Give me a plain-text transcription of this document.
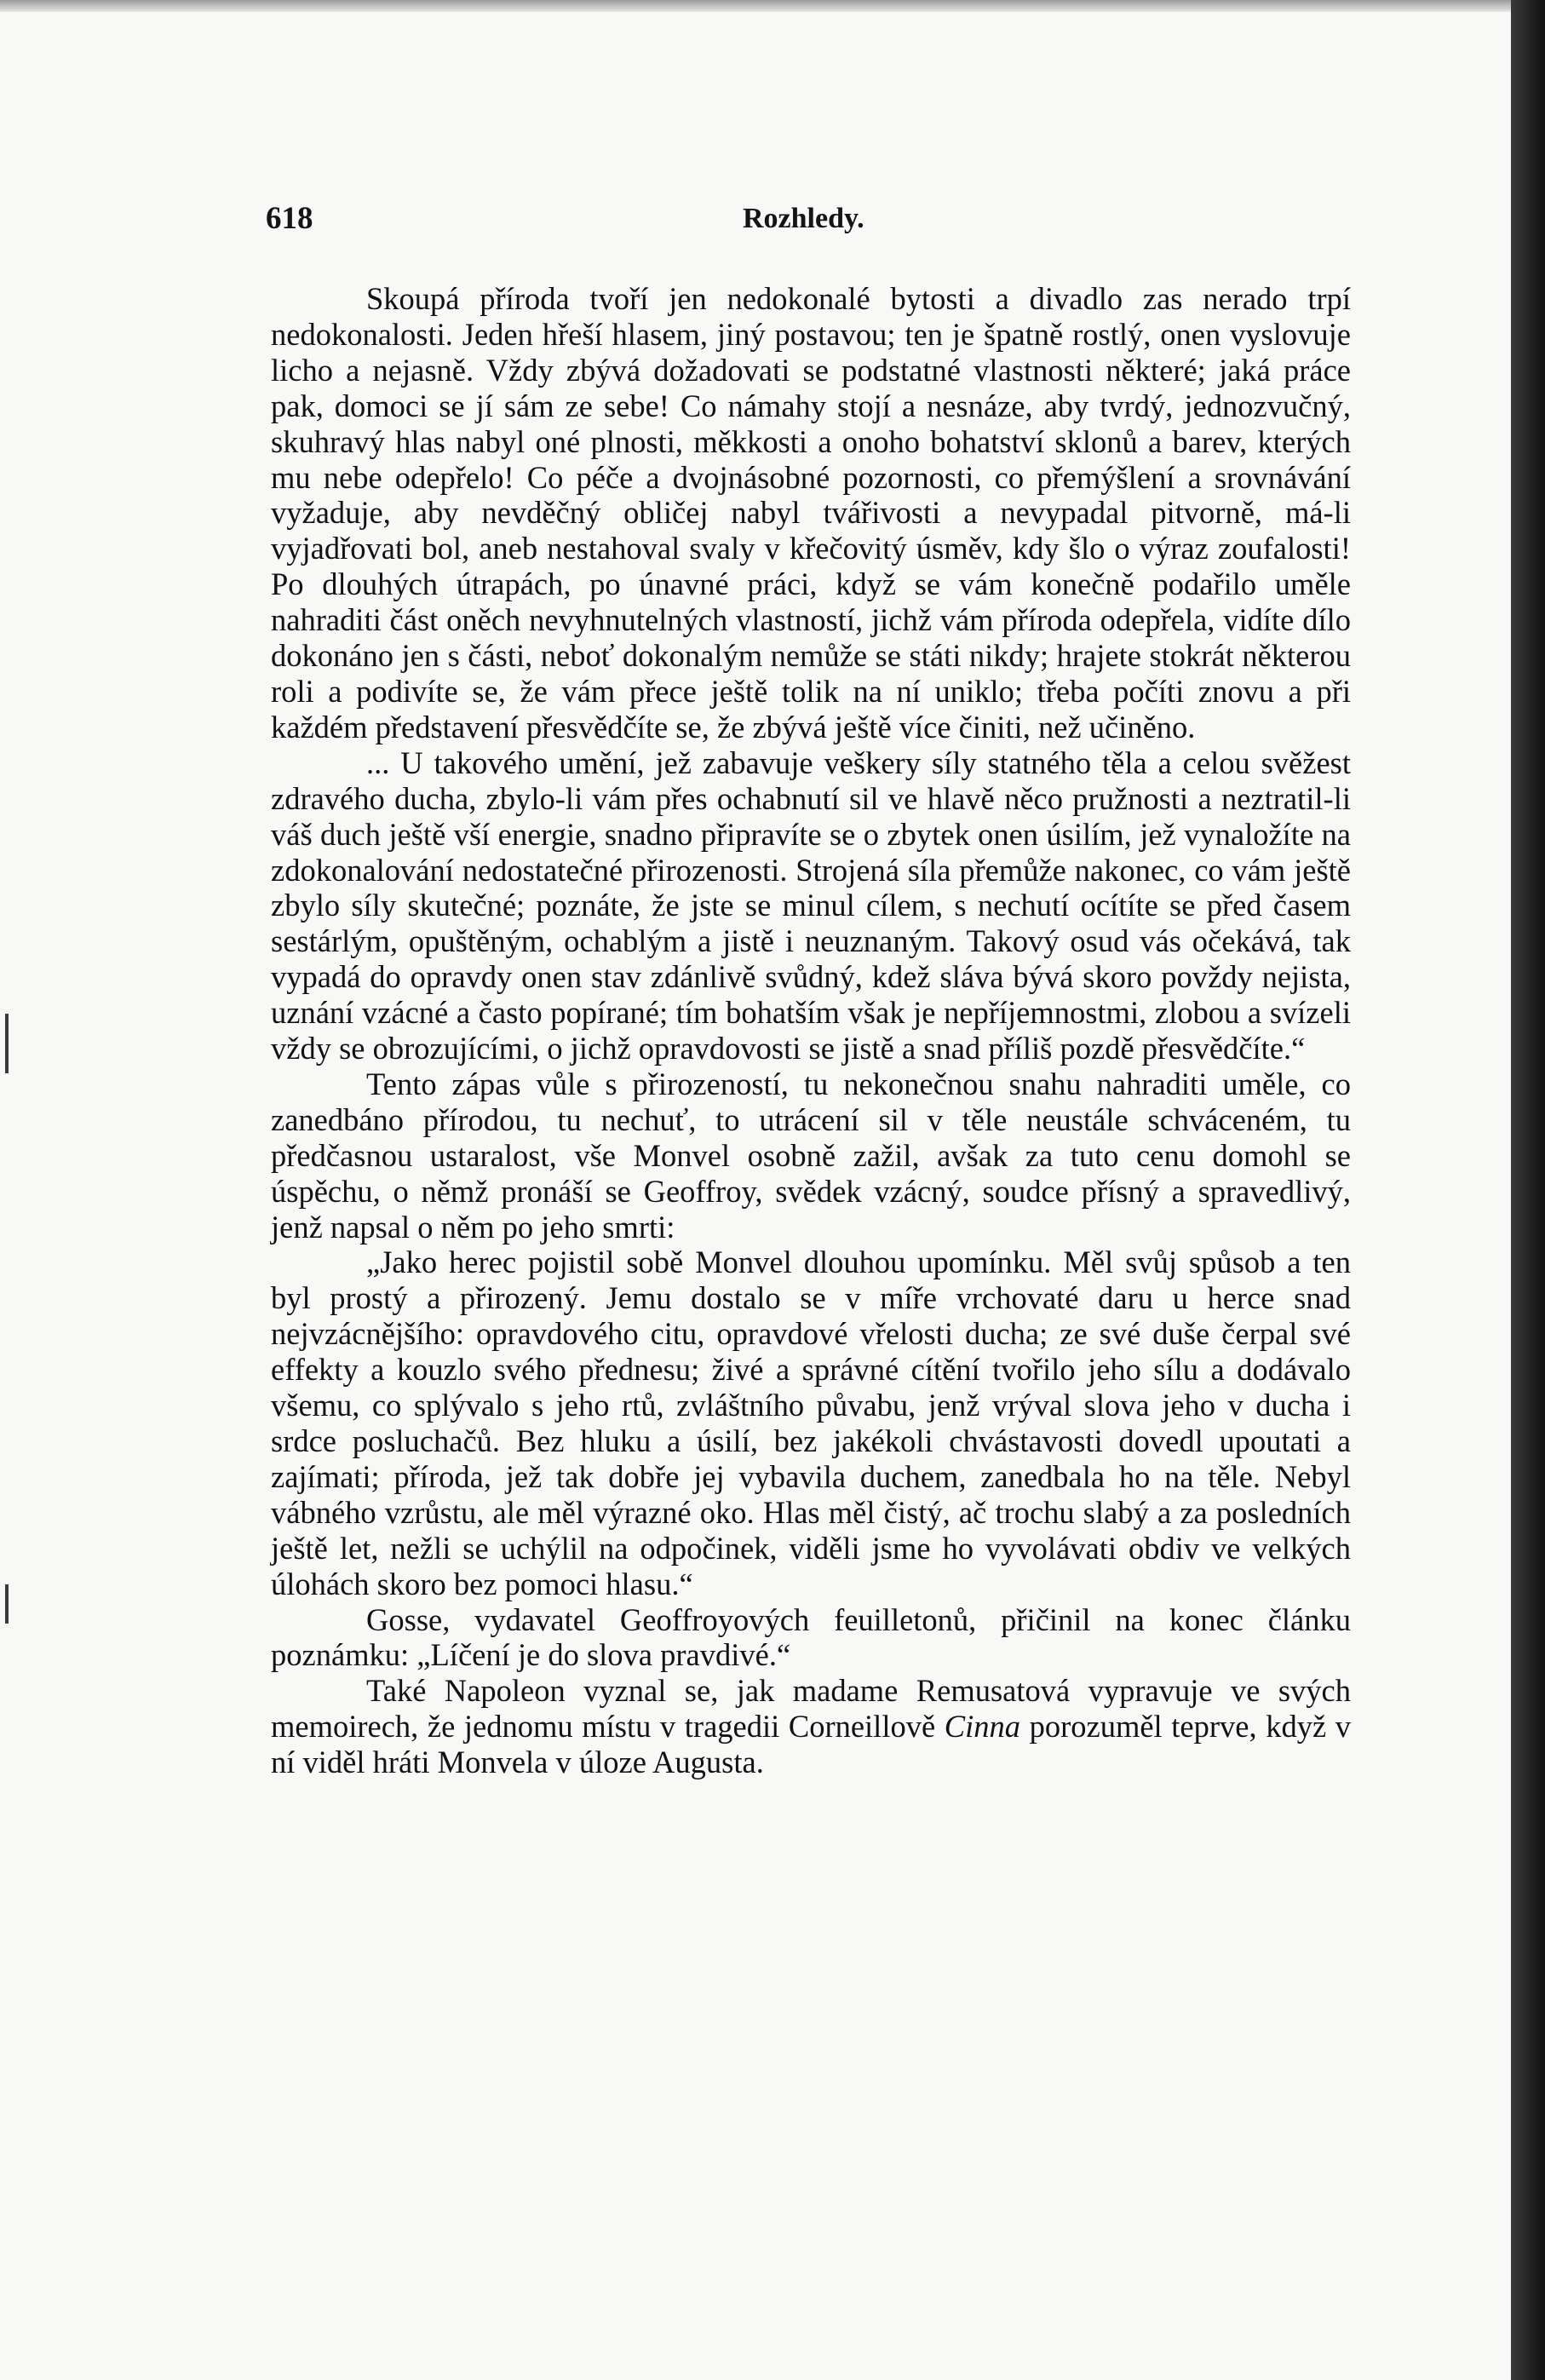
618	Rozhledy.

Skoupá příroda tvoří jen nedokonalé bytosti a divadlo zas nerado trpí nedokonalosti. Jeden hřeší hlasem, jiný postavou; ten je špatně rostlý, onen vyslovuje licho a nejasně. Vždy zbývá dožadovati se podstatné vlastnosti některé; jaká práce pak, domoci se jí sám ze sebe! Co námahy stojí a nesnáze, aby tvrdý, jednozvučný, skuhravý hlas nabyl oné plnosti, měkkosti a onoho bohatství sklonů a barev, kterých mu nebe odepřelo! Co péče a dvojnásobné pozornosti, co přemýšlení a srovnávání vyžaduje, aby nevděčný obličej nabyl tvářivosti a nevypadal pitvorně, má-li vyjadřovati bol, aneb nestahoval svaly v křečovitý úsměv, kdy šlo o výraz zoufalosti! Po dlouhých útrapách, po únavné práci, když se vám konečně podařilo uměle nahraditi část oněch nevyhnutelných vlastností, jichž vám příroda odepřela, vidíte dílo dokonáno jen s části, neboť dokonalým nemůže se státi nikdy; hrajete stokrát některou roli a podivíte se, že vám přece ještě tolik na ní uniklo; třeba počíti znovu a při každém představení přesvědčíte se, že zbývá ještě více činiti, než učiněno.

... U takového umění, jež zabavuje veškery síly statného těla a celou svěžest zdravého ducha, zbylo-li vám přes ochabnutí sil ve hlavě něco pružnosti a neztratil-li váš duch ještě vší energie, snadno připravíte se o zbytek onen úsilím, jež vynaložíte na zdokonalování nedostatečné přirozenosti. Strojená síla přemůže nakonec, co vám ještě zbylo síly skutečné; poznáte, že jste se minul cílem, s nechutí ocítíte se před časem sestárlým, opuštěným, ochablým a jistě i neuznaným. Takový osud vás očekává, tak vypadá do opravdy onen stav zdánlivě svůdný, kdež sláva bývá skoro povždy nejista, uznání vzácné a často popírané; tím bohatším však je nepříjemnostmi, zlobou a svízeli vždy se obrozujícími, o jichž opravdovosti se jistě a snad příliš pozdě přesvědčíte.“

Tento zápas vůle s přirozeností, tu nekonečnou snahu nahraditi uměle, co zanedbáno přírodou, tu nechuť, to utrácení sil v těle neustále schváceném, tu předčasnou ustaralost, vše Monvel osobně zažil, avšak za tuto cenu domohl se úspěchu, o němž pronáší se Geoffroy, svědek vzácný, soudce přísný a spravedlivý, jenž napsal o něm po jeho smrti:

„Jako herec pojistil sobě Monvel dlouhou upomínku. Měl svůj spůsob a ten byl prostý a přirozený. Jemu dostalo se v míře vrchovaté daru u herce snad nejvzácnějšího: opravdového citu, opravdové vřelosti ducha; ze své duše čerpal své effekty a kouzlo svého přednesu; živé a správné cítění tvořilo jeho sílu a dodávalo všemu, co splývalo s jeho rtů, zvláštního půvabu, jenž vrýval slova jeho v ducha i srdce posluchačů. Bez hluku a úsilí, bez jakékoli chvástavosti dovedl upoutati a zajímati; příroda, jež tak dobře jej vybavila duchem, zanedbala ho na těle. Nebyl vábného vzrůstu, ale měl výrazné oko. Hlas měl čistý, ač trochu slabý a za posledních ještě let, nežli se uchýlil na odpočinek, viděli jsme ho vyvolávati obdiv ve velkých úlohách skoro bez pomoci hlasu.“

Gosse, vydavatel Geoffroyových feuilletonů, přičinil na konec článku poznámku: „Líčení je do slova pravdivé.“

Také Napoleon vyznal se, jak madame Remusatová vypravuje ve svých memoirech, že jednomu místu v tragedii Corneillově Cinna porozuměl teprve, když v ní viděl hráti Monvela v úloze Augusta.
